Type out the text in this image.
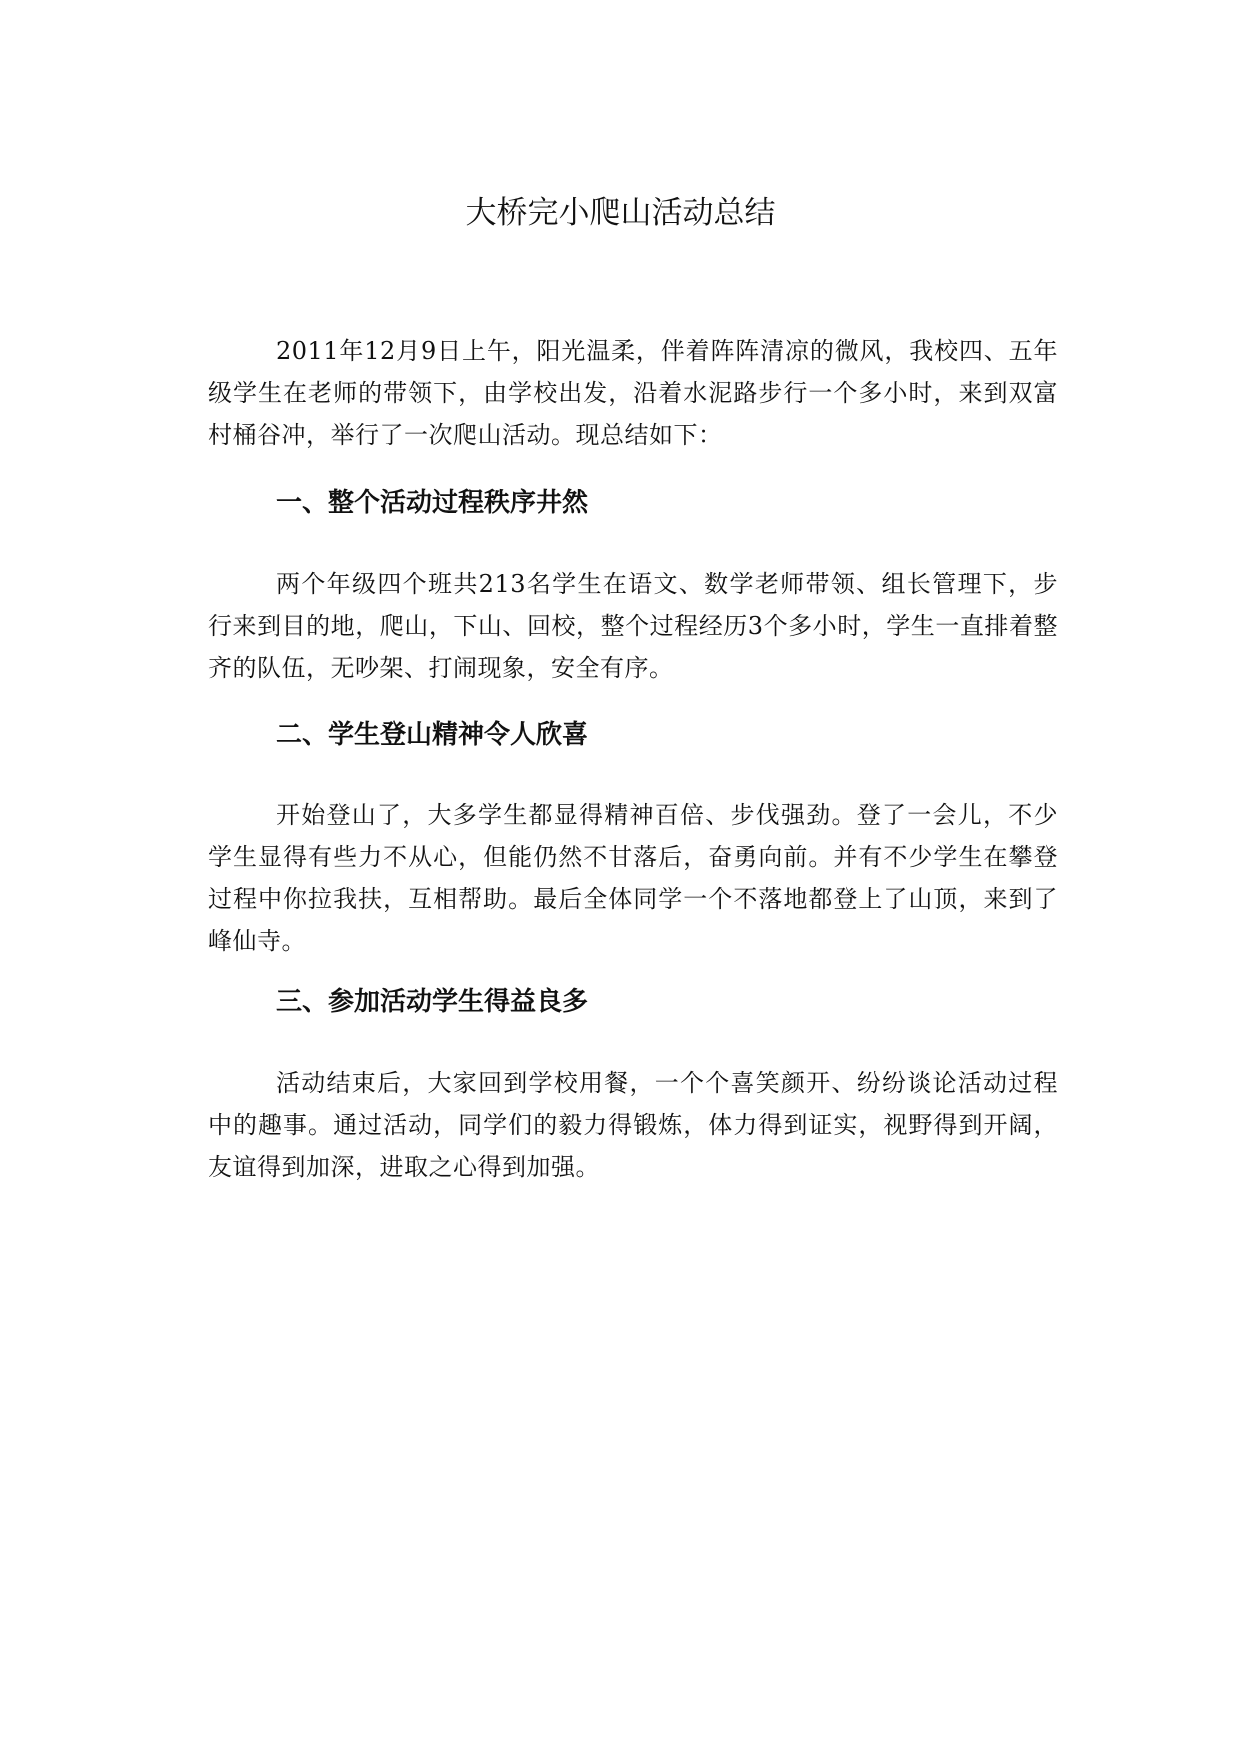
大桥完小爬山活动总结

2011年12月9日上午，阳光温柔，伴着阵阵清凉的微风，我校四、五年级学生在老师的带领下，由学校出发，沿着水泥路步行一个多小时，来到双富村桶谷冲，举行了一次爬山活动。现总结如下：

一、整个活动过程秩序井然

两个年级四个班共213名学生在语文、数学老师带领、组长管理下，步行来到目的地，爬山，下山、回校，整个过程经历3个多小时，学生一直排着整齐的队伍，无吵架、打闹现象，安全有序。

二、学生登山精神令人欣喜

开始登山了，大多学生都显得精神百倍、步伐强劲。登了一会儿，不少学生显得有些力不从心，但能仍然不甘落后，奋勇向前。并有不少学生在攀登过程中你拉我扶，互相帮助。最后全体同学一个不落地都登上了山顶，来到了峰仙寺。

三、参加活动学生得益良多

活动结束后，大家回到学校用餐，一个个喜笑颜开、纷纷谈论活动过程中的趣事。通过活动，同学们的毅力得锻炼，体力得到证实，视野得到开阔，友谊得到加深，进取之心得到加强。
